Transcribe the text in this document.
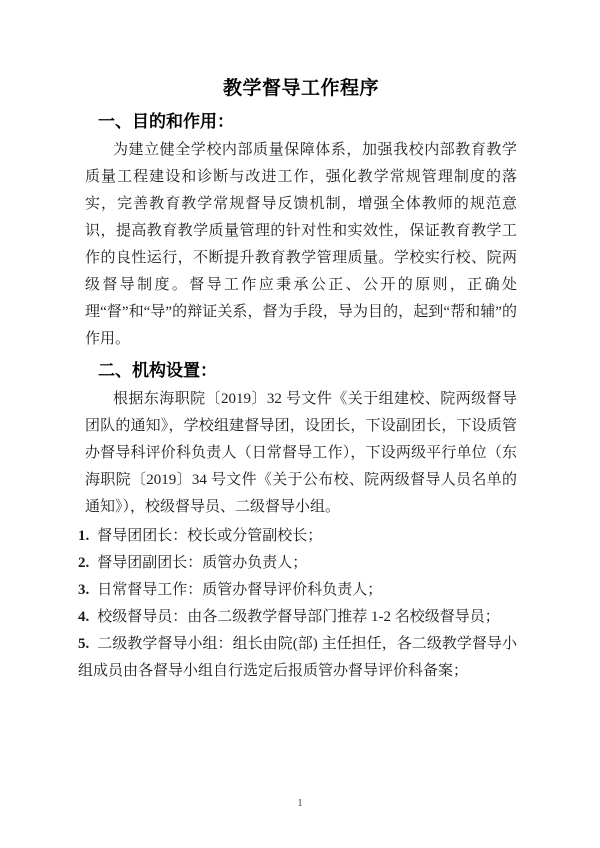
教学督导工作程序
一、目的和作用：

为建立健全学校内部质量保障体系，加强我校内部教育教学质量工程建设和诊断与改进工作，强化教学常规管理制度的落实，完善教育教学常规督导反馈机制，增强全体教师的规范意识，提高教育教学质量管理的针对性和实效性，保证教育教学工作的良性运行，不断提升教育教学管理质量。学校实行校、院两级督导制度。督导工作应秉承公正、公开的原则，正确处理“督”和“导”的辩证关系，督为手段，导为目的，起到“帮和辅”的作用。

二、机构设置：

根据东海职院〔2019〕32 号文件《关于组建校、院两级督导团队的通知》，学校组建督导团，设团长，下设副团长，下设质管办督导科评价科负责人（日常督导工作），下设两级平行单位（东海职院〔2019〕34 号文件《关于公布校、院两级督导人员名单的通知》），校级督导员、二级督导小组。

1. 督导团团长：校长或分管副校长；
2. 督导团副团长：质管办负责人；
3. 日常督导工作：质管办督导评价科负责人；
4. 校级督导员：由各二级教学督导部门推荐 1-2 名校级督导员；
5. 二级教学督导小组：组长由院(部) 主任担任，各二级教学督导小组成员由各督导小组自行选定后报质管办督导评价科备案；
1
